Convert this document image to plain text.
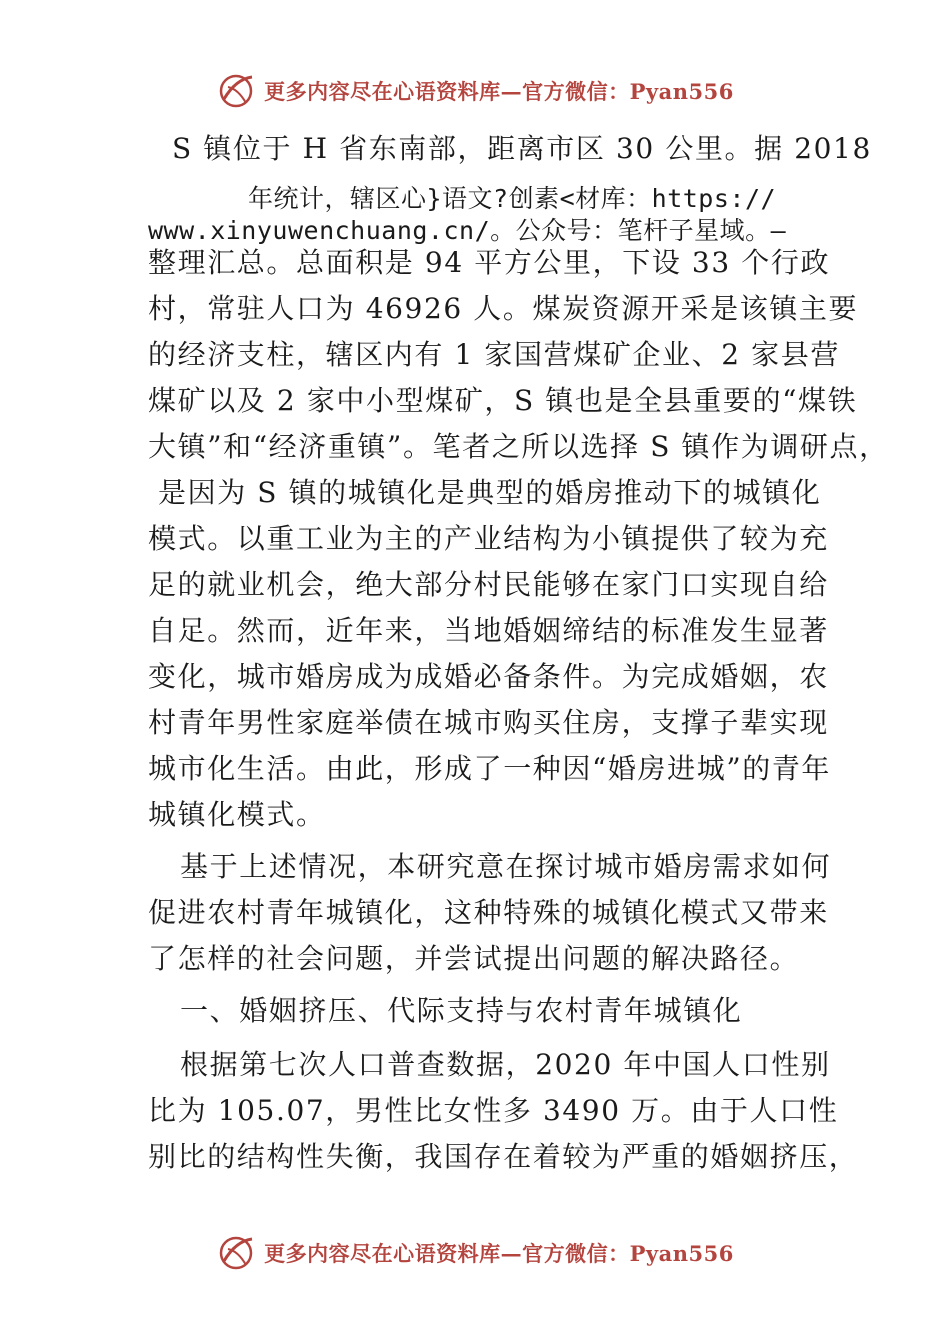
更多内容尽在心语资料库—官方微信：Pyan556
S 镇位于 H 省东南部，距离市区 30 公里。据 2018
年统计，辖区心}语文?创素<材库：https://
www.xinyuwenchuang.cn/。公众号：笔杆子星域。—
整理汇总。总面积是 94 平方公里，下设 33 个行政
村，常驻人口为 46926 人。煤炭资源开采是该镇主要
的经济支柱，辖区内有 1 家国营煤矿企业、2 家县营
煤矿以及 2 家中小型煤矿，S 镇也是全县重要的“煤铁
大镇”和“经济重镇”。笔者之所以选择 S 镇作为调研点，
是因为 S 镇的城镇化是典型的婚房推动下的城镇化
模式。以重工业为主的产业结构为小镇提供了较为充
足的就业机会，绝大部分村民能够在家门口实现自给
自足。然而，近年来，当地婚姻缔结的标准发生显著
变化，城市婚房成为成婚必备条件。为完成婚姻，农
村青年男性家庭举债在城市购买住房，支撑子辈实现
城市化生活。由此，形成了一种因“婚房进城”的青年
城镇化模式。
基于上述情况，本研究意在探讨城市婚房需求如何
促进农村青年城镇化，这种特殊的城镇化模式又带来
了怎样的社会问题，并尝试提出问题的解决路径。
一、婚姻挤压、代际支持与农村青年城镇化
根据第七次人口普查数据，2020 年中国人口性别
比为 105.07，男性比女性多 3490 万。由于人口性
别比的结构性失衡，我国存在着较为严重的婚姻挤压，
更多内容尽在心语资料库—官方微信：Pyan556
